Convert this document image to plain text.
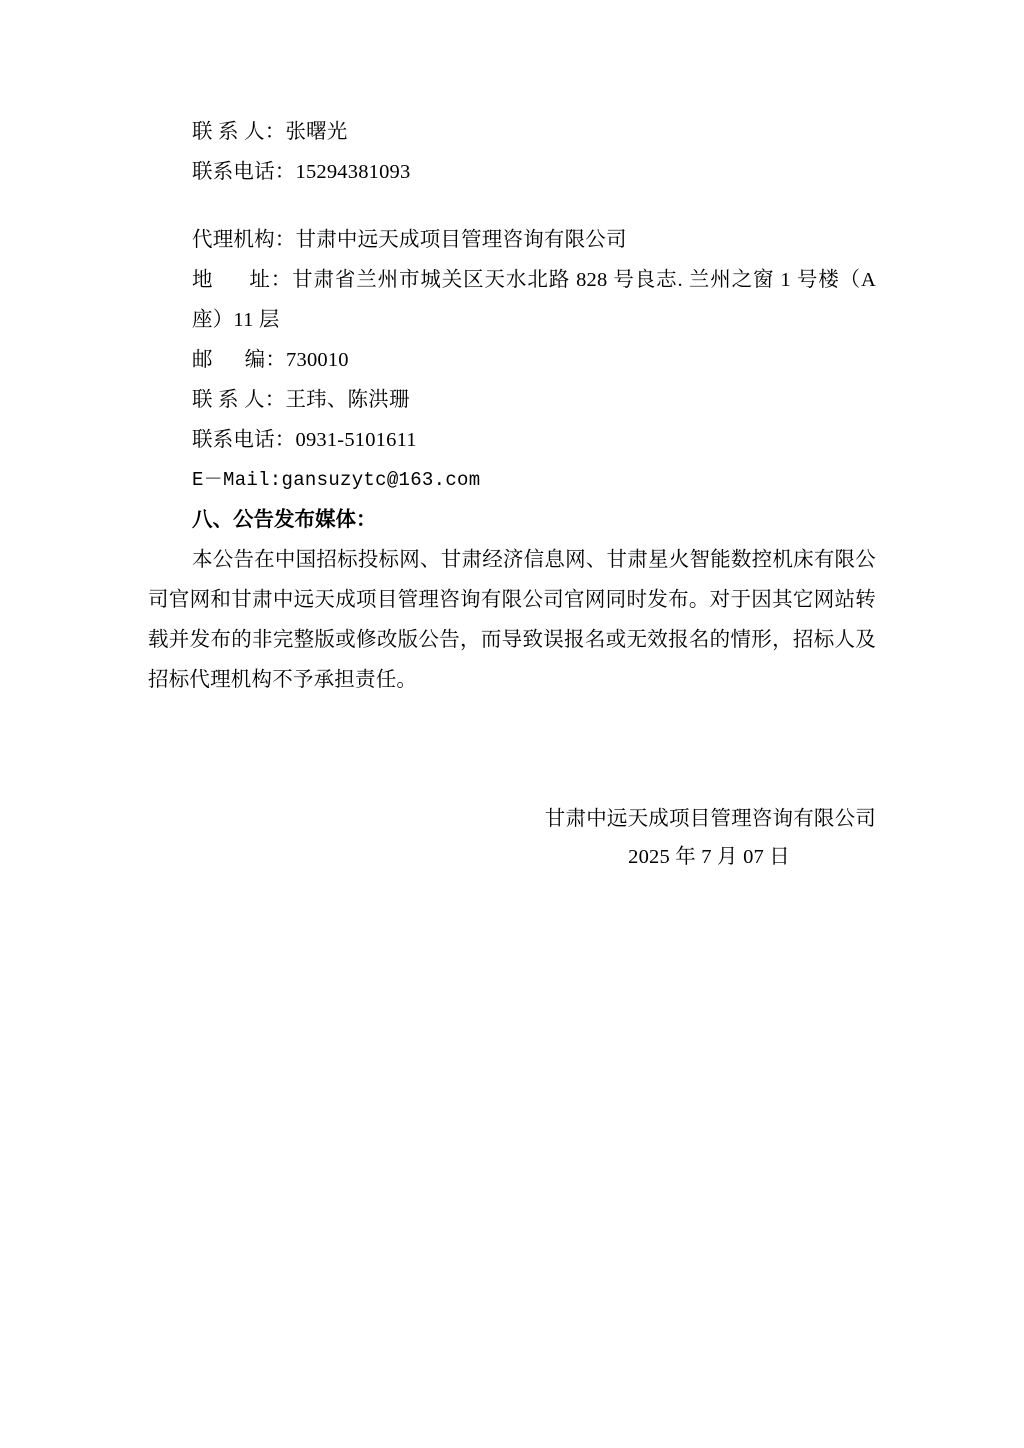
联 系 人：张曙光
联系电话：15294381093
代理机构：甘肃中远天成项目管理咨询有限公司
地      址：甘肃省兰州市城关区天水北路 828 号良志. 兰州之窗 1 号楼（A 座）11 层
邮      编：730010
联 系 人：王玮、陈洪珊
联系电话：0931-5101611
E－Mail:gansuzytc@163.com
八、公告发布媒体：
本公告在中国招标投标网、甘肃经济信息网、甘肃星火智能数控机床有限公司官网和甘肃中远天成项目管理咨询有限公司官网同时发布。对于因其它网站转载并发布的非完整版或修改版公告，而导致误报名或无效报名的情形，招标人及招标代理机构不予承担责任。
甘肃中远天成项目管理咨询有限公司
2025 年 7 月 07 日
